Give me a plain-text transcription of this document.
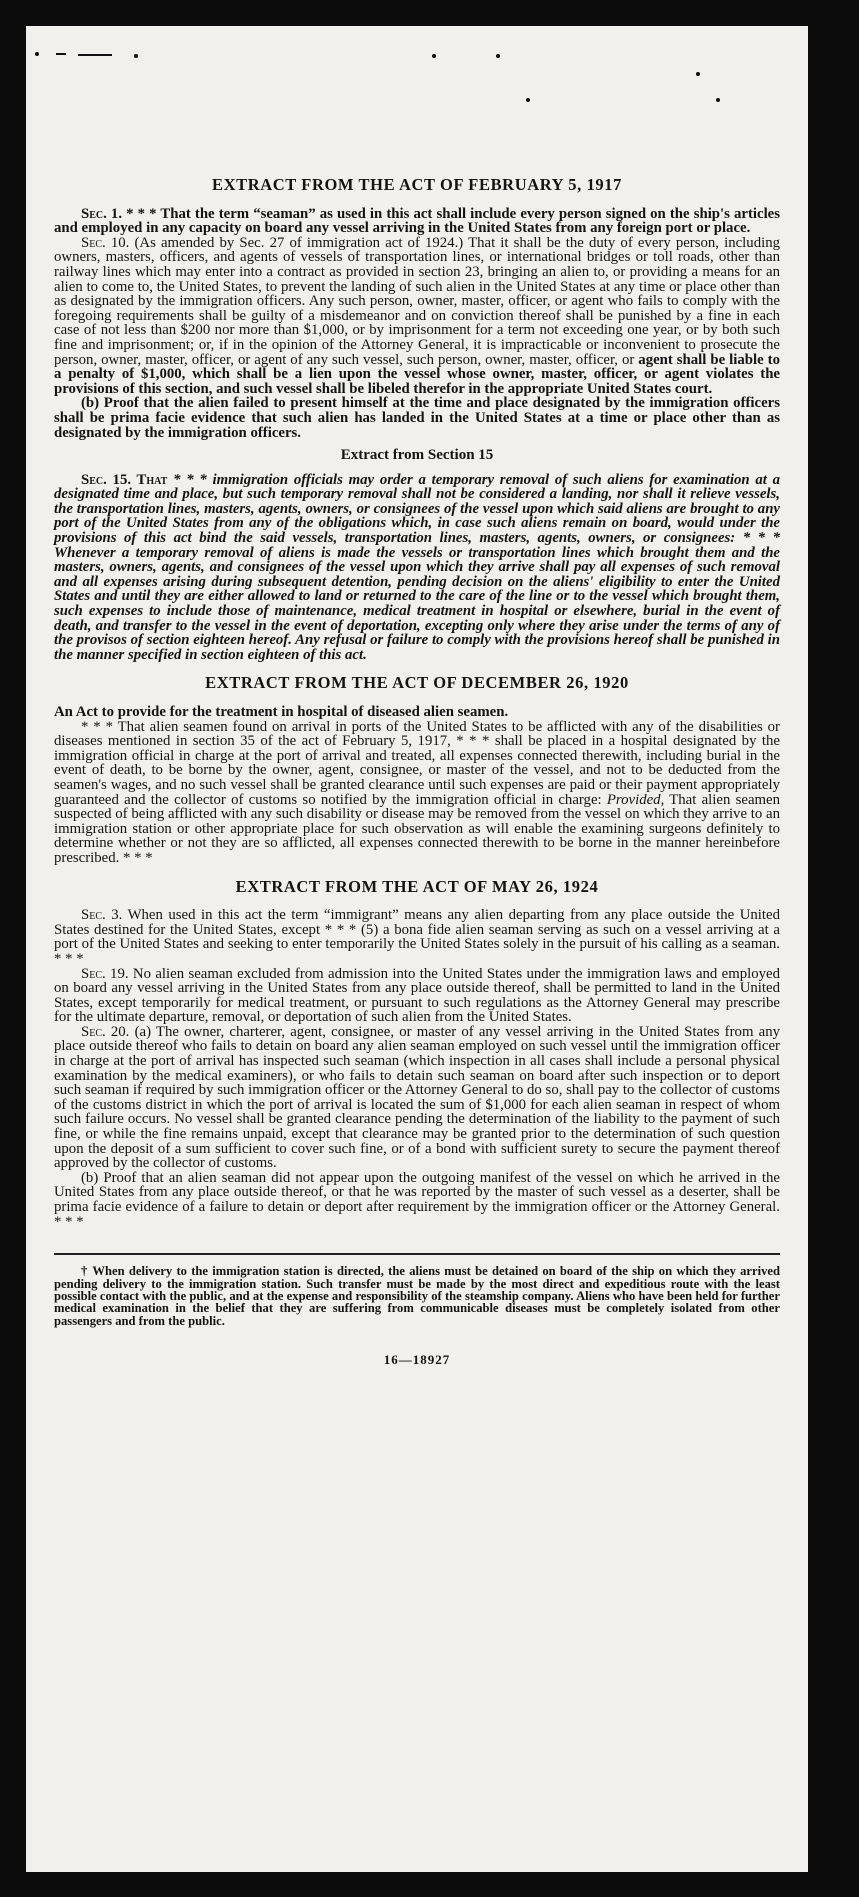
EXTRACT FROM THE ACT OF FEBRUARY 5, 1917

Sec. 1. * * * That the term “seaman” as used in this act shall include every person signed on the ship's articles and employed in any capacity on board any vessel arriving in the United States from any foreign port or place.

Sec. 10. (As amended by Sec. 27 of immigration act of 1924.) That it shall be the duty of every person, including owners, masters, officers, and agents of vessels of transportation lines, or international bridges or toll roads, other than railway lines which may enter into a contract as provided in section 23, bringing an alien to, or providing a means for an alien to come to, the United States, to prevent the landing of such alien in the United States at any time or place other than as designated by the immigration officers. Any such person, owner, master, officer, or agent who fails to comply with the foregoing requirements shall be guilty of a misdemeanor and on conviction thereof shall be punished by a fine in each case of not less than $200 nor more than $1,000, or by imprisonment for a term not exceeding one year, or by both such fine and imprisonment; or, if in the opinion of the Attorney General, it is impracticable or inconvenient to prosecute the person, owner, master, officer, or agent of any such vessel, such person, owner, master, officer, or agent shall be liable to a penalty of $1,000, which shall be a lien upon the vessel whose owner, master, officer, or agent violates the provisions of this section, and such vessel shall be libeled therefor in the appropriate United States court.

(b) Proof that the alien failed to present himself at the time and place designated by the immigration officers shall be prima facie evidence that such alien has landed in the United States at a time or place other than as designated by the immigration officers.

Extract from Section 15

Sec. 15. That * * * immigration officials may order a temporary removal of such aliens for examination at a designated time and place, but such temporary removal shall not be considered a landing, nor shall it relieve vessels, the transportation lines, masters, agents, owners, or consignees of the vessel upon which said aliens are brought to any port of the United States from any of the obligations which, in case such aliens remain on board, would under the provisions of this act bind the said vessels, transportation lines, masters, agents, owners, or consignees: * * * Whenever a temporary removal of aliens is made the vessels or transportation lines which brought them and the masters, owners, agents, and consignees of the vessel upon which they arrive shall pay all expenses of such removal and all expenses arising during subsequent detention, pending decision on the aliens' eligibility to enter the United States and until they are either allowed to land or returned to the care of the line or to the vessel which brought them, such expenses to include those of maintenance, medical treatment in hospital or elsewhere, burial in the event of death, and transfer to the vessel in the event of deportation, excepting only where they arise under the terms of any of the provisos of section eighteen hereof. Any refusal or failure to comply with the provisions hereof shall be punished in the manner specified in section eighteen of this act.

EXTRACT FROM THE ACT OF DECEMBER 26, 1920

An Act to provide for the treatment in hospital of diseased alien seamen.

* * * That alien seamen found on arrival in ports of the United States to be afflicted with any of the disabilities or diseases mentioned in section 35 of the act of February 5, 1917, * * * shall be placed in a hospital designated by the immigration official in charge at the port of arrival and treated, all expenses connected therewith, including burial in the event of death, to be borne by the owner, agent, consignee, or master of the vessel, and not to be deducted from the seamen's wages, and no such vessel shall be granted clearance until such expenses are paid or their payment appropriately guaranteed and the collector of customs so notified by the immigration official in charge: Provided, That alien seamen suspected of being afflicted with any such disability or disease may be removed from the vessel on which they arrive to an immigration station or other appropriate place for such observation as will enable the examining surgeons definitely to determine whether or not they are so afflicted, all expenses connected therewith to be borne in the manner hereinbefore prescribed. * * *

EXTRACT FROM THE ACT OF MAY 26, 1924

Sec. 3. When used in this act the term “immigrant” means any alien departing from any place outside the United States destined for the United States, except * * * (5) a bona fide alien seaman serving as such on a vessel arriving at a port of the United States and seeking to enter temporarily the United States solely in the pursuit of his calling as a seaman. * * *

Sec. 19. No alien seaman excluded from admission into the United States under the immigration laws and employed on board any vessel arriving in the United States from any place outside thereof, shall be permitted to land in the United States, except temporarily for medical treatment, or pursuant to such regulations as the Attorney General may prescribe for the ultimate departure, removal, or deportation of such alien from the United States.

Sec. 20. (a) The owner, charterer, agent, consignee, or master of any vessel arriving in the United States from any place outside thereof who fails to detain on board any alien seaman employed on such vessel until the immigration officer in charge at the port of arrival has inspected such seaman (which inspection in all cases shall include a personal physical examination by the medical examiners), or who fails to detain such seaman on board after such inspection or to deport such seaman if required by such immigration officer or the Attorney General to do so, shall pay to the collector of customs of the customs district in which the port of arrival is located the sum of $1,000 for each alien seaman in respect of whom such failure occurs. No vessel shall be granted clearance pending the determination of the liability to the payment of such fine, or while the fine remains unpaid, except that clearance may be granted prior to the determination of such question upon the deposit of a sum sufficient to cover such fine, or of a bond with sufficient surety to secure the payment thereof approved by the collector of customs.

(b) Proof that an alien seaman did not appear upon the outgoing manifest of the vessel on which he arrived in the United States from any place outside thereof, or that he was reported by the master of such vessel as a deserter, shall be prima facie evidence of a failure to detain or deport after requirement by the immigration officer or the Attorney General. * * *

† When delivery to the immigration station is directed, the aliens must be detained on board of the ship on which they arrived pending delivery to the immigration station. Such transfer must be made by the most direct and expeditious route with the least possible contact with the public, and at the expense and responsibility of the steamship company. Aliens who have been held for further medical examination in the belief that they are suffering from communicable diseases must be completely isolated from other passengers and from the public.

16—18927
